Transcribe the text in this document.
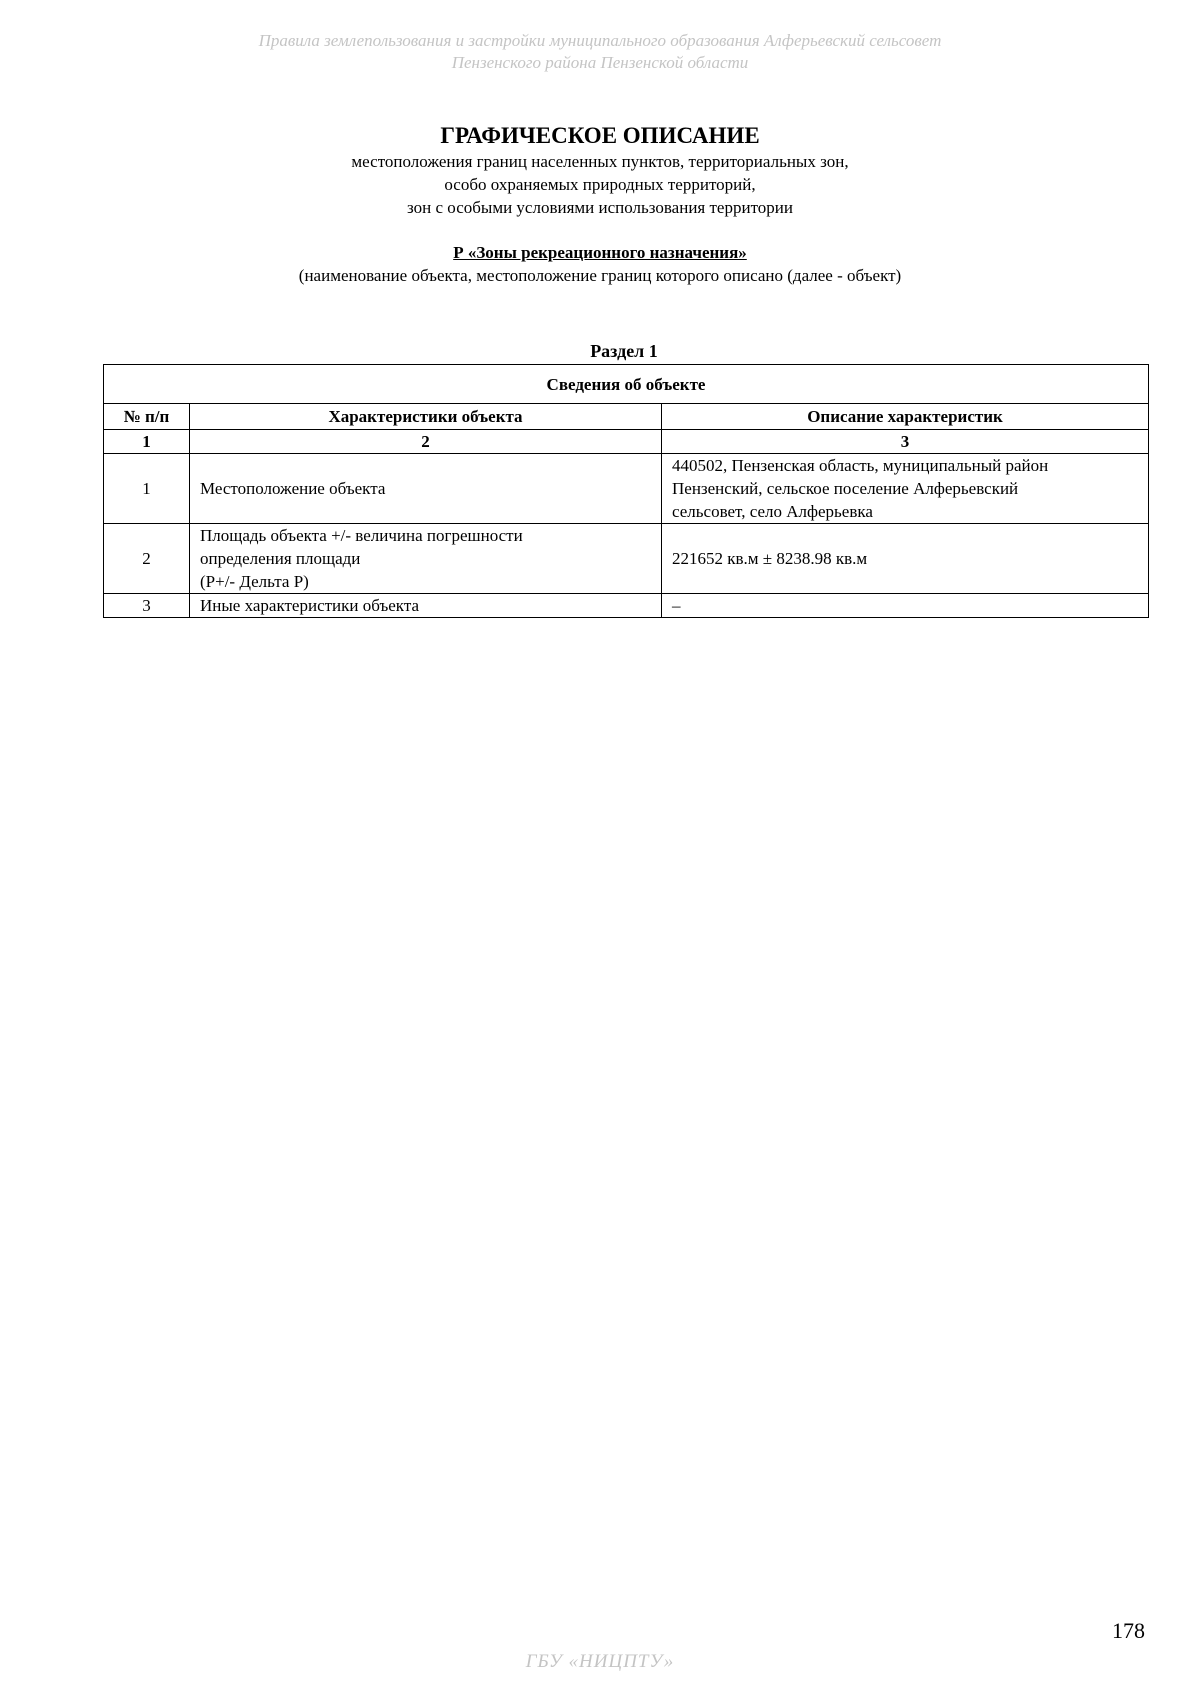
Правила землепользования и застройки муниципального образования Алферьевский сельсовет
Пензенского района Пензенской области
ГРАФИЧЕСКОЕ ОПИСАНИЕ
местоположения границ населенных пунктов, территориальных зон,
особо охраняемых природных территорий,
зон с особыми условиями использования территории
Р «Зоны рекреационного назначения»
(наименование объекта, местоположение границ которого описано (далее - объект)
Раздел 1
Сведения об объекте		
№ п/п	Характеристики объекта	Описание характеристик
1	2	3
1	Местоположение объекта	440502, Пензенская область, муниципальный район
Пензенский, сельское поселение Алферьевский
сельсовет, село Алферьевка

2	Площадь объекта +/- величина погрешности
определения площади
(Р+/- Дельта Р)	221652 кв.м ± 8238.98 кв.м

3	Иные характеристики объекта	–
178
ГБУ «НИЦПТУ»
